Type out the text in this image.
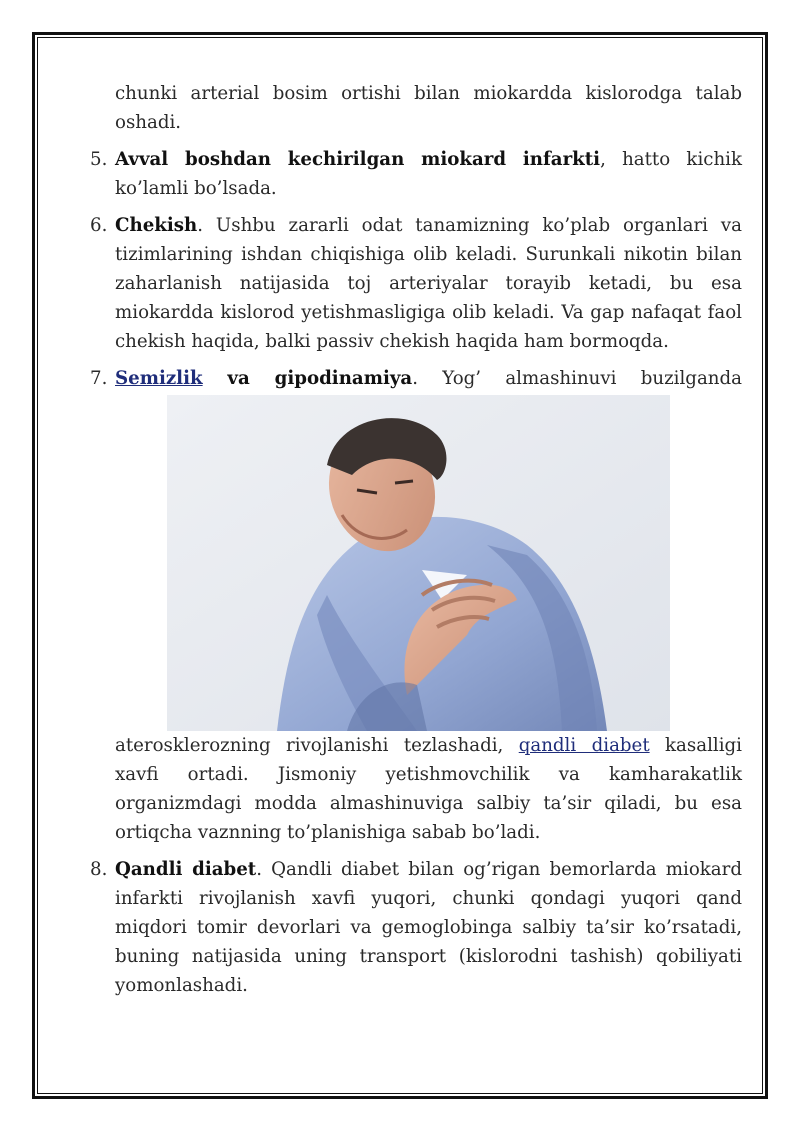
chunki arterial bosim ortishi bilan miokardda kislorodga talab oshadi.

5. Avval boshdan kechirilgan miokard infarkti, hatto kichik ko’lamli bo’lsada.

6. Chekish. Ushbu zararli odat tanamizning ko’plab organlari va tizimlarining ishdan chiqishiga olib keladi. Surunkali nikotin bilan zaharlanish natijasida toj arteriyalar torayib ketadi, bu esa miokardda kislorod yetishmasligiga olib keladi. Va gap nafaqat faol chekish haqida, balki passiv chekish haqida ham bormoqda.

7. Semizlik va gipodinamiya. Yog’ almashinuvi buzilganda

aterosklerozning rivojlanishi tezlashadi, qandli diabet kasalligi xavfi ortadi. Jismoniy yetishmovchilik va kamharakatlik organizmdagi modda almashinuviga salbiy ta’sir qiladi, bu esa ortiqcha vaznning to’planishiga sabab bo’ladi.

8. Qandli diabet. Qandli diabet bilan og’rigan bemorlarda miokard infarkti rivojlanish xavfi yuqori, chunki qondagi yuqori qand miqdori tomir devorlari va gemoglobinga salbiy ta’sir ko’rsatadi, buning natijasida uning transport (kislorodni tashish) qobiliyati yomonlashadi.
